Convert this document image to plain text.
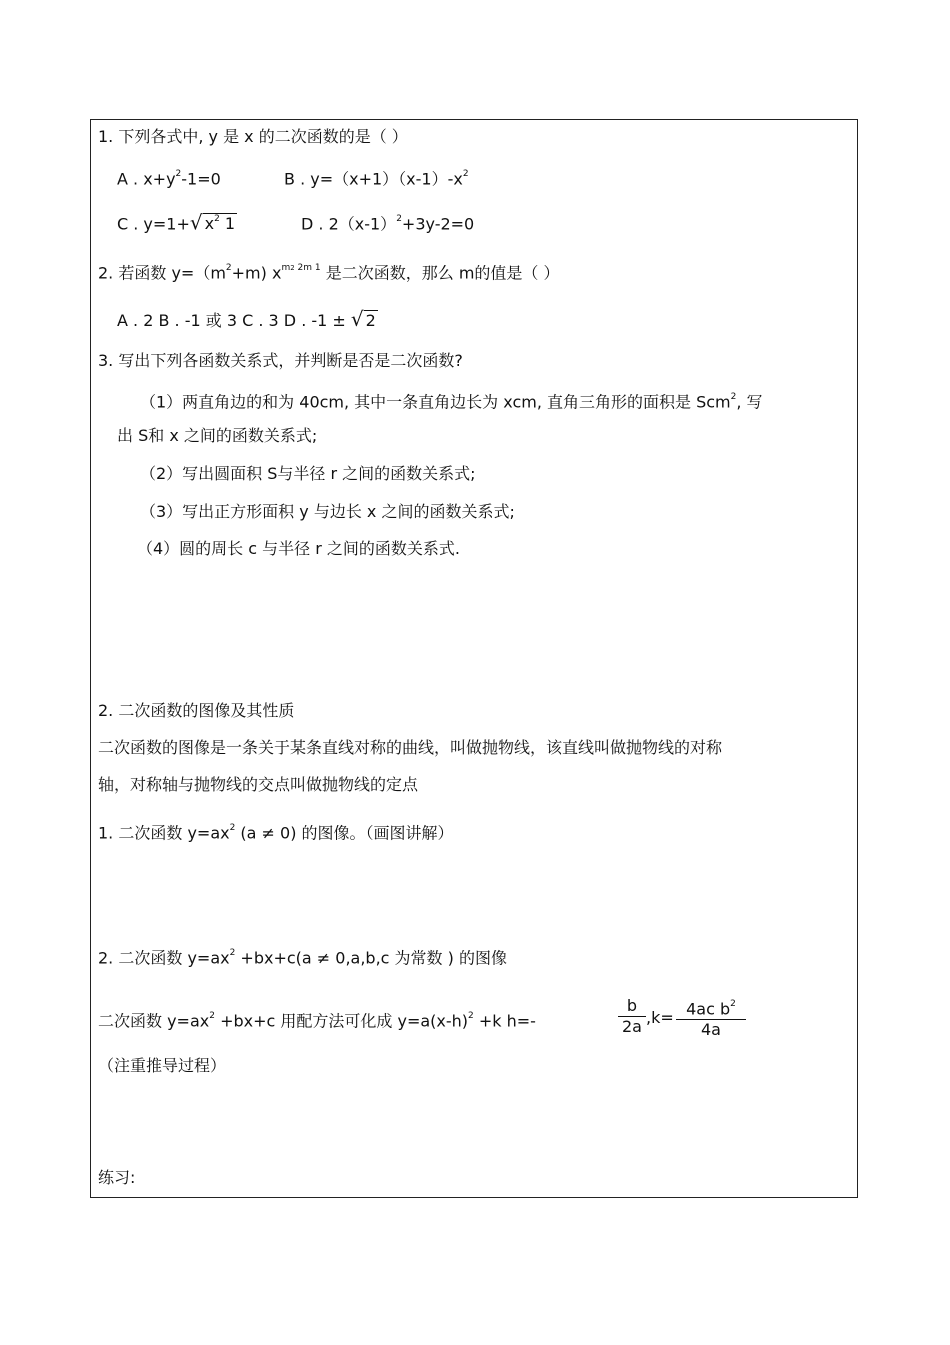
1. 下列各式中, y 是 x 的二次函数的是（ ）
A . $x+y^2-1=0$	B . $y=(x+1)(x-1)-x^2$
C . y=1+√ $x^2$ 1	D . $2(x-1)^2+3y-2=0$
2. 若函数 $y=(m^2+m)$ $x^{m2 2m 1}$ 是二次函数，那么 m的值是（ ）
A . 2 B . -1 或 3 C . 3 D . -1 ± √ 2
3. 写出下列各函数关系式，并判断是否是二次函数?
（1）两直角边的和为 40cm, 其中一条直角边长为 xcm, 直角三角形的面积是 Scm$^2$, 写
出 S和 x 之间的函数关系式;
（2）写出圆面积 S与半径 r 之间的函数关系式;
（3）写出正方形面积 y 与边长 x 之间的函数关系式;
（4）圆的周长 c 与半径 r 之间的函数关系式.
2. 二次函数的图像及其性质
二次函数的图像是一条关于某条直线对称的曲线，叫做抛物线，该直线叫做抛物线的对称
轴，对称轴与抛物线的交点叫做抛物线的定点
1. 二次函数 $y=ax^2$ (a ≠ 0) 的图像。（画图讲解）
2. 二次函数 $y=ax^2 +bx+c(a \ne 0,a,b,c$ 为常数 ) 的图像
二次函数 $y=ax^2 +bx+c$ 用配方法可化成 $y=a(x-h)^2 +k$ h=-	$\frac{b}{2a} ,k= \frac{4ac b^2}{4a}$
（注重推导过程）
练习:
